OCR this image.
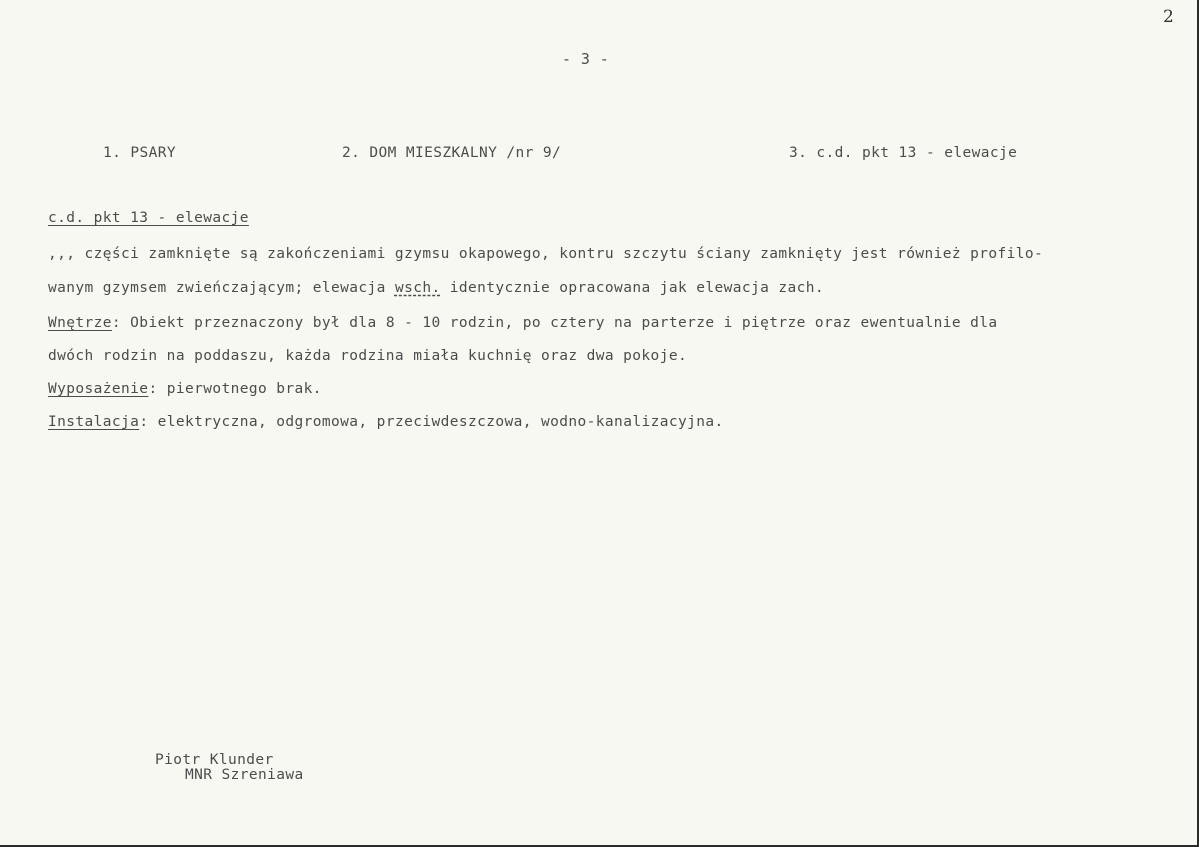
2
- 3 -
1. PSARY	2. DOM MIESZKALNY /nr 9/	3. c.d. pkt 13 - elewacje
c.d. pkt 13 - elewacje
,,, części zamknięte są zakończeniami gzymsu okapowego, kontru szczytu ściany zamknięty jest również profilo-
wanym gzymsem zwieńczającym; elewacja wsch. identycznie opracowana jak elewacja zach.
Wnętrze: Obiekt przeznaczony był dla 8 - 10 rodzin, po cztery na parterze i piętrze oraz ewentualnie dla
dwóch rodzin na poddaszu, każda rodzina miała kuchnię oraz dwa pokoje.
Wyposażenie: pierwotnego brak.
Instalacja: elektryczna, odgromowa, przeciwdeszczowa, wodno-kanalizacyjna.
Piotr Klunder
MNR Szreniawa
